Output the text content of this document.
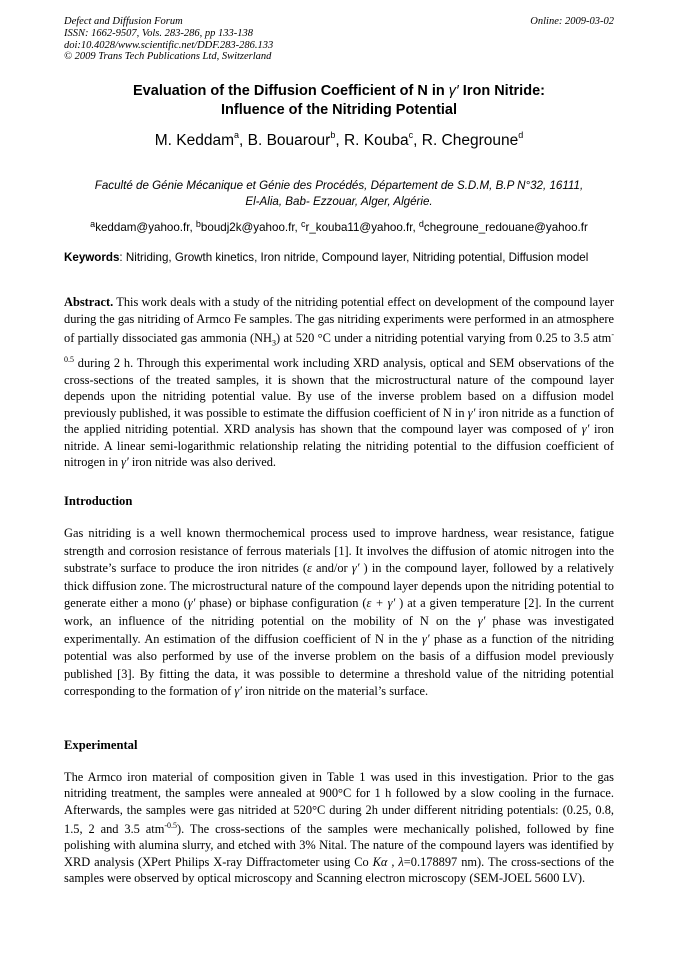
Defect and Diffusion Forum
ISSN: 1662-9507, Vols. 283-286, pp 133-138
doi:10.4028/www.scientific.net/DDF.283-286.133
© 2009 Trans Tech Publications Ltd, Switzerland
Online: 2009-03-02
Evaluation of the Diffusion Coefficient of N in γ′ Iron Nitride:
Influence of the Nitriding Potential
M. Keddam$^a$, B. Bouarour$^b$, R. Kouba$^c$, R. Chegroune$^d$
Faculté de Génie Mécanique et Génie des Procédés, Département de S.D.M, B.P N°32, 16111,
El-Alia, Bab- Ezzouar, Alger, Algérie.
$^a$keddam@yahoo.fr, $^b$boudj2k@yahoo.fr, $^c$r_kouba11@yahoo.fr, $^d$chegroune_redouane@yahoo.fr
Keywords: Nitriding, Growth kinetics, Iron nitride, Compound layer, Nitriding potential, Diffusion model
Abstract. This work deals with a study of the nitriding potential effect on development of the compound layer during the gas nitriding of Armco Fe samples. The gas nitriding experiments were performed in an atmosphere of partially dissociated gas ammonia $(NH_3)$ at 520 °C under a nitriding potential varying from 0.25 to 3.5 atm$^{-0.5}$ during 2 h. Through this experimental work including XRD analysis, optical and SEM observations of the cross-sections of the treated samples, it is shown that the microstructural nature of the compound layer depends upon the nitriding potential value. By use of the inverse problem based on a diffusion model previously published, it was possible to estimate the diffusion coefficient of N in γ′ iron nitride as a function of the applied nitriding potential. XRD analysis has shown that the compound layer was composed of γ′ iron nitride. A linear semi-logarithmic relationship relating the nitriding potential to the diffusion coefficient of nitrogen in γ′ iron nitride was also derived.
Introduction
Gas nitriding is a well known thermochemical process used to improve hardness, wear resistance, fatigue strength and corrosion resistance of ferrous materials [1]. It involves the diffusion of atomic nitrogen into the substrate’s surface to produce the iron nitrides (ε and/or γ′ ) in the compound layer, followed by a relatively thick diffusion zone. The microstructural nature of the compound layer depends upon the nitriding potential to generate either a mono (γ′ phase) or biphase configuration (ε + γ′ ) at a given temperature [2]. In the current work, an influence of the nitriding potential on the mobility of N on the γ′ phase was investigated experimentally. An estimation of the diffusion coefficient of N in the γ′ phase as a function of the nitriding potential was also performed by use of the inverse problem on the basis of a diffusion model previously published [3]. By fitting the data, it was possible to determine a threshold value of the nitriding potential corresponding to the formation of γ′ iron nitride on the material’s surface.
Experimental
The Armco iron material of composition given in Table 1 was used in this investigation. Prior to the gas nitriding treatment, the samples were annealed at 900°C for 1 h followed by a slow cooling in the furnace. Afterwards, the samples were gas nitrided at 520°C during 2h under different nitriding potentials: (0.25, 0.8, 1.5, 2 and 3.5 atm$^{-0.5}$). The cross-sections of the samples were mechanically polished, followed by fine polishing with alumina slurry, and etched with 3% Nital. The nature of the compound layers was identified by XRD analysis (XPert Philips X-ray Diffractometer using Co Kα , λ=0.178897 nm). The cross-sections of the samples were observed by optical microscopy and Scanning electron microscopy (SEM-JOEL 5600 LV).
